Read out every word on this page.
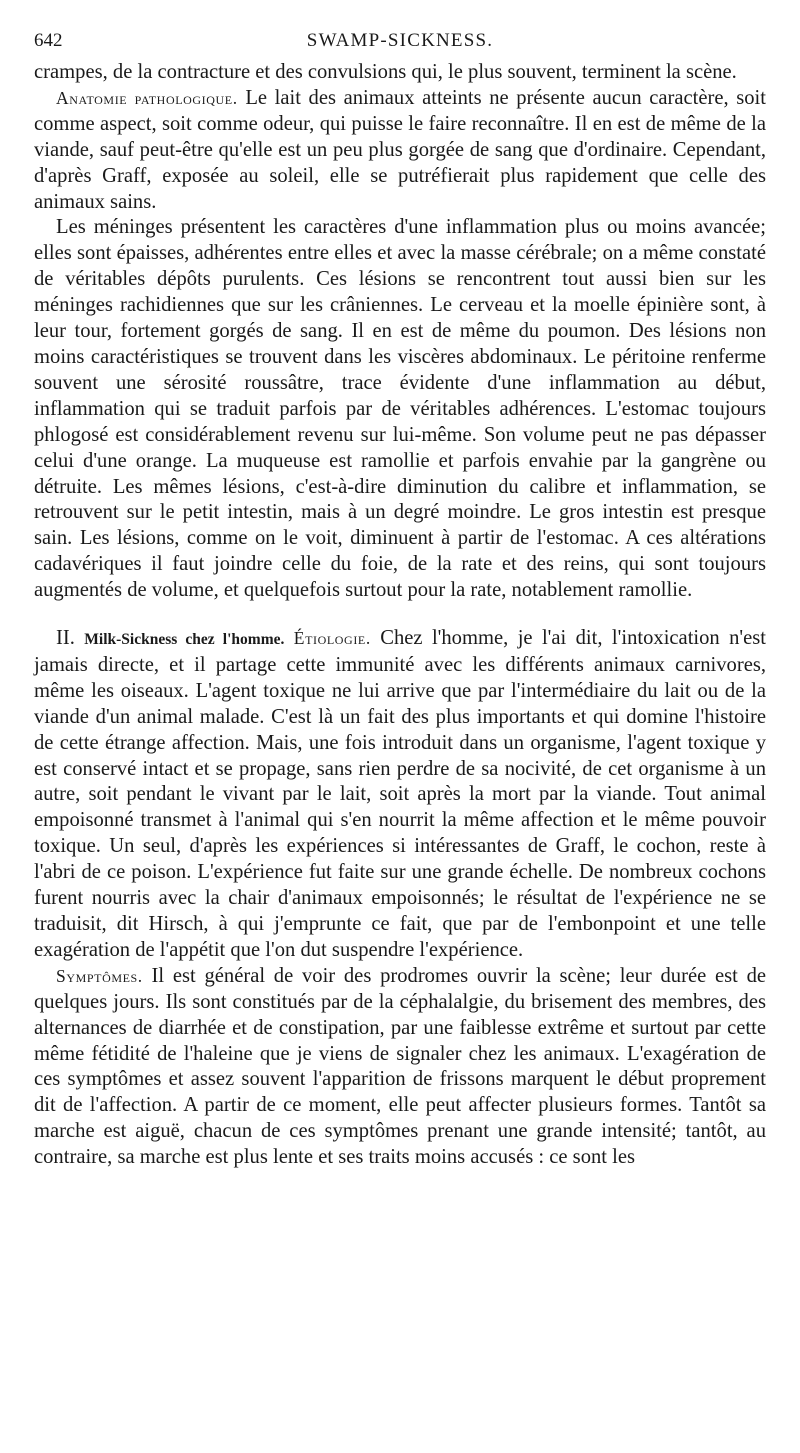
642	SWAMP-SICKNESS.

crampes, de la contracture et des convulsions qui, le plus souvent, terminent la scène.

Anatomie pathologique. Le lait des animaux atteints ne présente aucun caractère, soit comme aspect, soit comme odeur, qui puisse le faire reconnaître. Il en est de même de la viande, sauf peut-être qu'elle est un peu plus gorgée de sang que d'ordinaire. Cependant, d'après Graff, exposée au soleil, elle se putréfierait plus rapidement que celle des animaux sains.

Les méninges présentent les caractères d'une inflammation plus ou moins avancée; elles sont épaisses, adhérentes entre elles et avec la masse cérébrale; on a même constaté de véritables dépôts purulents. Ces lésions se rencontrent tout aussi bien sur les méninges rachidiennes que sur les crâniennes. Le cerveau et la moelle épinière sont, à leur tour, fortement gorgés de sang. Il en est de même du poumon. Des lésions non moins caractéristiques se trouvent dans les viscères abdominaux. Le péritoine renferme souvent une sérosité roussâtre, trace évidente d'une inflammation au début, inflammation qui se traduit parfois par de véritables adhérences. L'estomac toujours phlogosé est considérablement revenu sur lui-même. Son volume peut ne pas dépasser celui d'une orange. La muqueuse est ramollie et parfois envahie par la gangrène ou détruite. Les mêmes lésions, c'est-à-dire diminution du calibre et inflammation, se retrouvent sur le petit intestin, mais à un degré moindre. Le gros intestin est presque sain. Les lésions, comme on le voit, diminuent à partir de l'estomac. A ces altérations cadavériques il faut joindre celle du foie, de la rate et des reins, qui sont toujours augmentés de volume, et quelquefois surtout pour la rate, notablement ramollie.

II. Milk-Sickness chez l'homme. Étiologie. Chez l'homme, je l'ai dit, l'intoxication n'est jamais directe, et il partage cette immunité avec les différents animaux carnivores, même les oiseaux. L'agent toxique ne lui arrive que par l'intermédiaire du lait ou de la viande d'un animal malade. C'est là un fait des plus importants et qui domine l'histoire de cette étrange affection. Mais, une fois introduit dans un organisme, l'agent toxique y est conservé intact et se propage, sans rien perdre de sa nocivité, de cet organisme à un autre, soit pendant le vivant par le lait, soit après la mort par la viande. Tout animal empoisonné transmet à l'animal qui s'en nourrit la même affection et le même pouvoir toxique. Un seul, d'après les expériences si intéressantes de Graff, le cochon, reste à l'abri de ce poison. L'expérience fut faite sur une grande échelle. De nombreux cochons furent nourris avec la chair d'animaux empoisonnés; le résultat de l'expérience ne se traduisit, dit Hirsch, à qui j'emprunte ce fait, que par de l'embonpoint et une telle exagération de l'appétit que l'on dut suspendre l'expérience.

Symptômes. Il est général de voir des prodromes ouvrir la scène; leur durée est de quelques jours. Ils sont constitués par de la céphalalgie, du brisement des membres, des alternances de diarrhée et de constipation, par une faiblesse extrême et surtout par cette même fétidité de l'haleine que je viens de signaler chez les animaux. L'exagération de ces symptômes et assez souvent l'apparition de frissons marquent le début proprement dit de l'affection. A partir de ce moment, elle peut affecter plusieurs formes. Tantôt sa marche est aiguë, chacun de ces symptômes prenant une grande intensité; tantôt, au contraire, sa marche est plus lente et ses traits moins accusés : ce sont les
